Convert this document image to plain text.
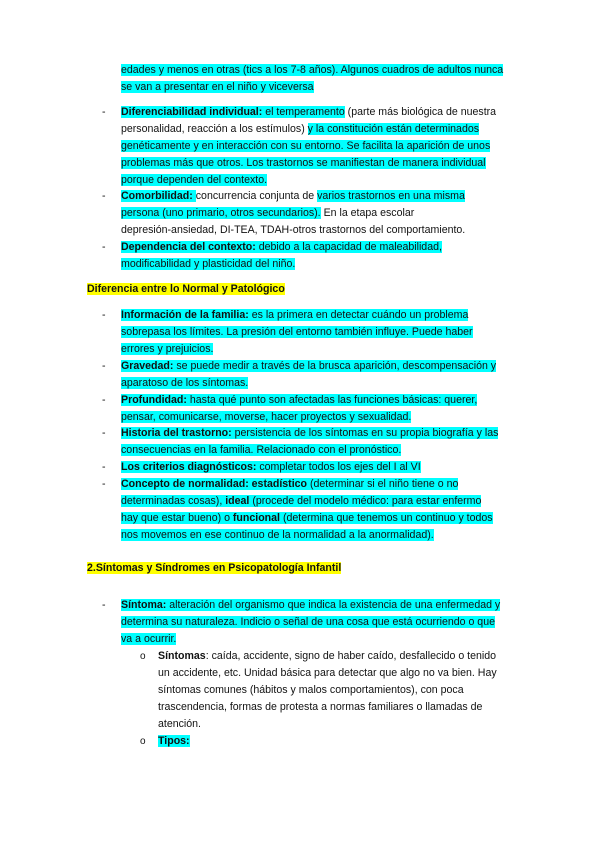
edades y menos en otras (tics a los 7-8 años). Algunos cuadros de adultos nunca
se van a presentar en el niño y viceversa
Diferenciabilidad individual: el temperamento (parte más biológica de nuestra
-
personalidad, reacción a los estímulos) y la constitución están determinados
genéticamente y en interacción con su entorno. Se facilita la aparición de unos
problemas más que otros. Los trastornos se manifiestan de manera individual
porque dependen del contexto.
Comorbilidad: concurrencia conjunta de varios trastornos en una misma
-
persona (uno primario, otros secundarios). En la etapa escolar
depresión-ansiedad, DI-TEA, TDAH-otros trastornos del comportamiento.
Dependencia del contexto: debido a la capacidad de maleabilidad,
-
modificabilidad y plasticidad del niño.
Diferencia entre lo Normal y Patológico
Información de la familia: es la primera en detectar cuándo un problema
-
sobrepasa los límites. La presión del entorno también influye. Puede haber
errores y prejuicios.
Gravedad: se puede medir a través de la brusca aparición, descompensación y
-
aparatoso de los síntomas.
Profundidad: hasta qué punto son afectadas las funciones básicas: querer,
-
pensar, comunicarse, moverse, hacer proyectos y sexualidad.
Historia del trastorno: persistencia de los síntomas en su propia biografía y las
-
consecuencias en la familia. Relacionado con el pronóstico.
Los criterios diagnósticos: completar todos los ejes del I al VI
-
Concepto de normalidad: estadístico (determinar si el niño tiene o no
-
determinadas cosas), ideal (procede del modelo médico: para estar enfermo
hay que estar bueno) o funcional (determina que tenemos un continuo y todos
nos movemos en ese continuo de la normalidad a la anormalidad).
2.Síntomas y Síndromes en Psicopatología Infantil
Síntoma: alteración del organismo que indica la existencia de una enfermedad y
-
determina su naturaleza. Indicio o señal de una cosa que está ocurriendo o que
va a ocurrir.
Síntomas: caída, accidente, signo de haber caído, desfallecido o tenido
o
un accidente, etc. Unidad básica para detectar que algo no va bien. Hay
síntomas comunes (hábitos y malos comportamientos), con poca
trascendencia, formas de protesta a normas familiares o llamadas de
atención.
Tipos:
o
